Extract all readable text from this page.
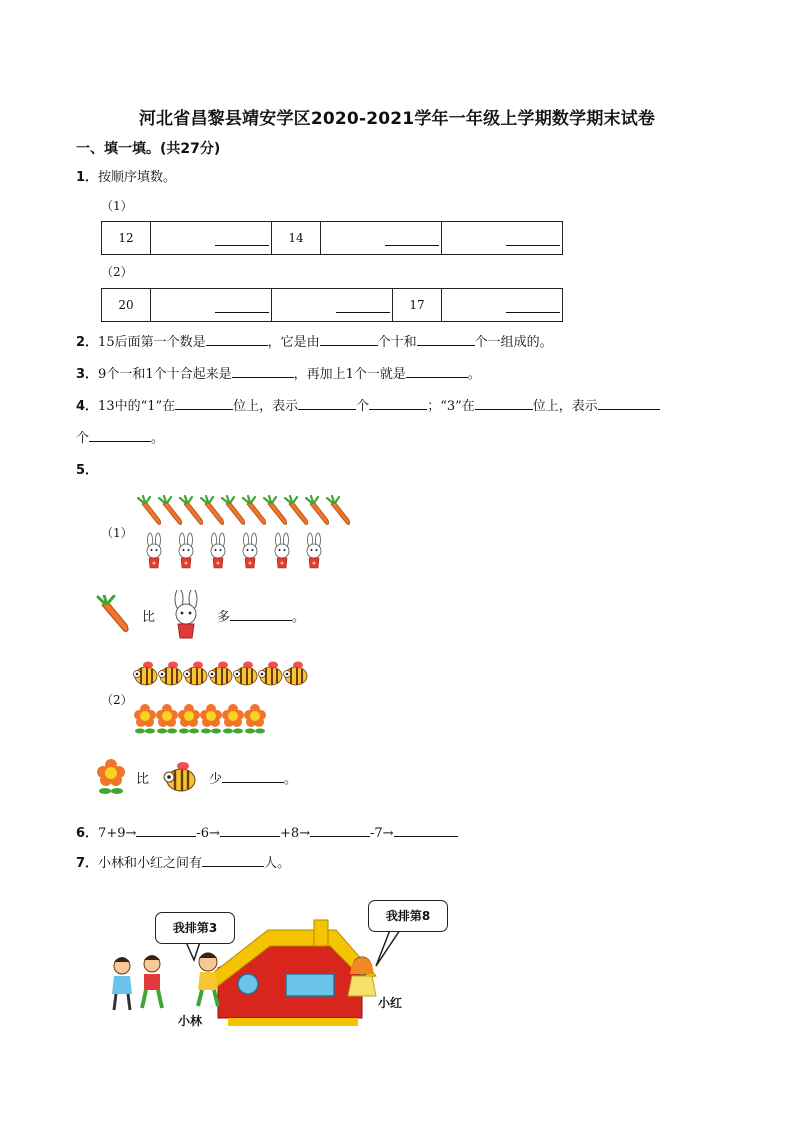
河北省昌黎县靖安学区2020-2021学年一年级上学期数学期末试卷
一、填一填。(共27分)
1．按顺序填数。
（1）
12		14	

（2）
20			17	
2．15后面第一个数是	，它是由	个十和	个一组成的。
3．9个一和1个十合起来是	，再加上1个一就是	。
4．13中的“1”在	位上，表示	个	；“3”在	位上，表示
个	。
5．
（1）
比	多	。
（2）
比	少	。
6．7+9→	-6→	+8→	-7→
7．小林和小红之间有	人。
我排第3
我排第8
小林
小红
